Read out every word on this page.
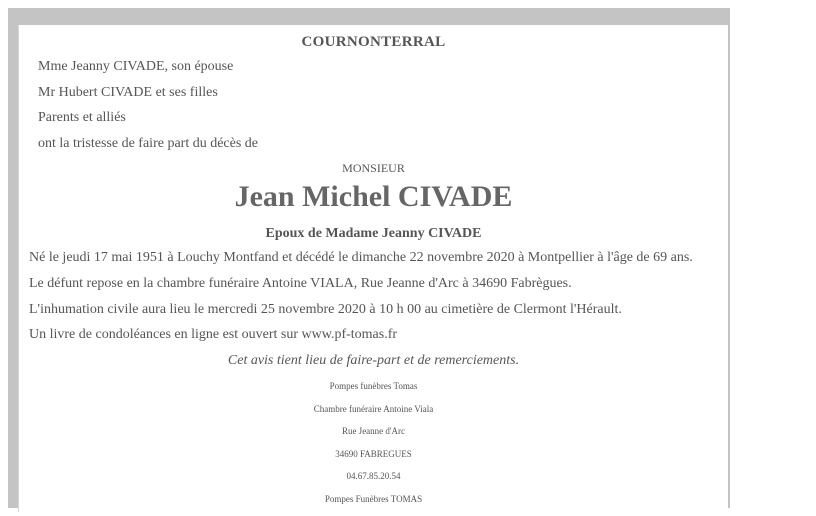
COURNONTERRAL
Mme Jeanny CIVADE, son épouse
Mr Hubert CIVADE et ses filles
Parents et alliés
ont la tristesse de faire part du décès de
MONSIEUR
Jean Michel CIVADE
Epoux de Madame Jeanny CIVADE
Né le jeudi 17 mai 1951 à Louchy Montfand et décédé le dimanche 22 novembre 2020 à Montpellier à l'âge de 69 ans.
Le défunt repose en la chambre funéraire Antoine VIALA, Rue Jeanne d'Arc à 34690 Fabrègues.
L'inhumation civile aura lieu le mercredi 25 novembre 2020 à 10 h 00 au cimetière de Clermont l'Hérault.
Un livre de condoléances en ligne est ouvert sur www.pf-tomas.fr
Cet avis tient lieu de faire-part et de remerciements.
Pompes funèbres Tomas
Chambre funéraire Antoine Viala
Rue Jeanne d'Arc
34690 FABREGUES
04.67.85.20.54
Pompes Funèbres TOMAS
